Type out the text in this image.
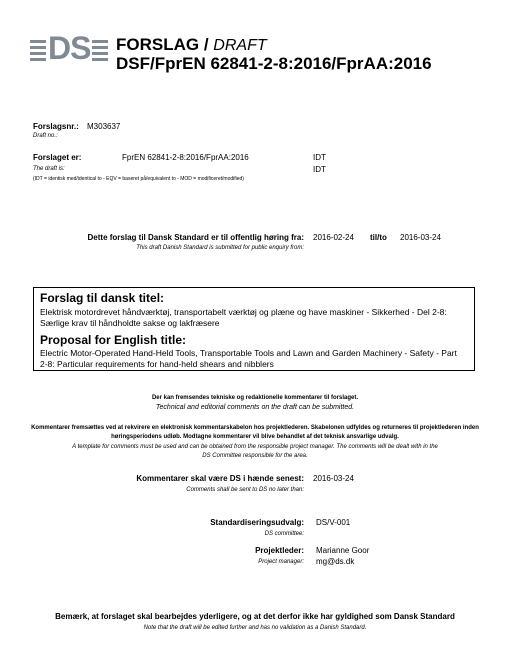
DS FORSLAG / DRAFT
DSF/FprEN 62841-2-8:2016/FprAA:2016
Forslagsnr.: M303637
Draft no.:
Forslaget er:	FprEN 62841-2-8:2016/FprAA:2016	IDT
The draft is:	IDT
(IDT = identisk med/identical to - EQV = baseret på/equivalent to - MOD = modificeret/modified)
Dette forslag til Dansk Standard er til offentlig høring fra: 2016-02-24 til/to 2016-03-24
This draft Danish Standard is submitted for public enquiry from:
Forslag til dansk titel:
Elektrisk motordrevet håndværktøj, transportabelt værktøj og plæne og have maskiner - Sikkerhed - Del 2-8: Særlige krav til håndholdte sakse og lakfræsere
Proposal for English title:
Electric Motor-Operated Hand-Held Tools, Transportable Tools and Lawn and Garden Machinery - Safety - Part 2-8: Particular requirements for hand-held shears and nibblers
Der kan fremsendes tekniske og redaktionelle kommentarer til forslaget.
Technical and editorial comments on the draft can be submitted.
Kommentarer fremsættes ved at rekvirere en elektronisk kommentarskabelon hos projektlederen. Skabelonen udfyldes og returneres til projektlederen inden høringsperiodens udløb. Modtagne kommentarer vil blive behandlet af det teknisk ansvarlige udvalg.
A template for comments must be used and can be obtained from the responsible project manager. The comments will be dealt with in the
DS Committee responsible for the area.
Kommentarer skal være DS i hænde senest: 2016-03-24
Comments shall be sent to DS no later than:
Standardiseringsudvalg: DS/V-001
DS committee:
Projektleder: Marianne Goor
Project manager: mg@ds.dk
Bemærk, at forslaget skal bearbejdes yderligere, og at det derfor ikke har gyldighed som Dansk Standard
Note that the draft will be edited further and has no validation as a Danish Standard.
